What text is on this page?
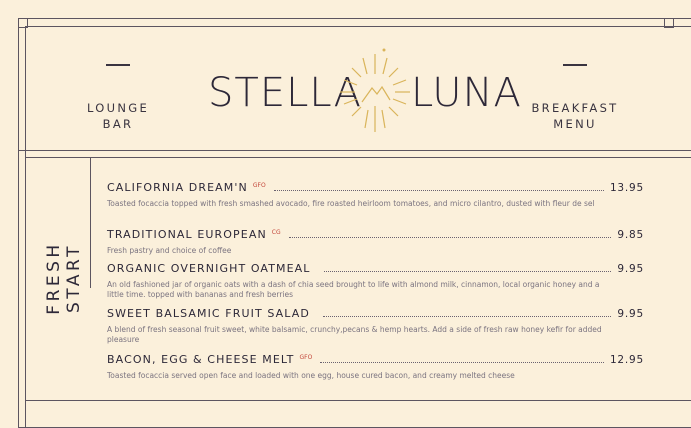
LOUNGE
BAR
STELLA LUNA BREAKFAST
MENU
FRESH START
CALIFORNIA DREAM'N GFO	13.95
Toasted focaccia topped with fresh smashed avocado, fire roasted heirloom tomatoes, and micro cilantro, dusted with fleur de sel
TRADITIONAL EUROPEAN CG	9.85
Fresh pastry and choice of coffee
ORGANIC OVERNIGHT OATMEAL	9.95
An old fashioned jar of organic oats with a dash of chia seed brought to life with almond milk, cinnamon, local organic honey and a little time. topped with bananas and fresh berries
SWEET BALSAMIC FRUIT SALAD	9.95
A blend of fresh seasonal fruit sweet, white balsamic, crunchy,pecans & hemp hearts. Add a side of fresh raw honey kefir for added pleasure
BACON, EGG & CHEESE MELT GFO	12.95
Toasted focaccia served open face and loaded with one egg, house cured bacon, and creamy melted cheese
